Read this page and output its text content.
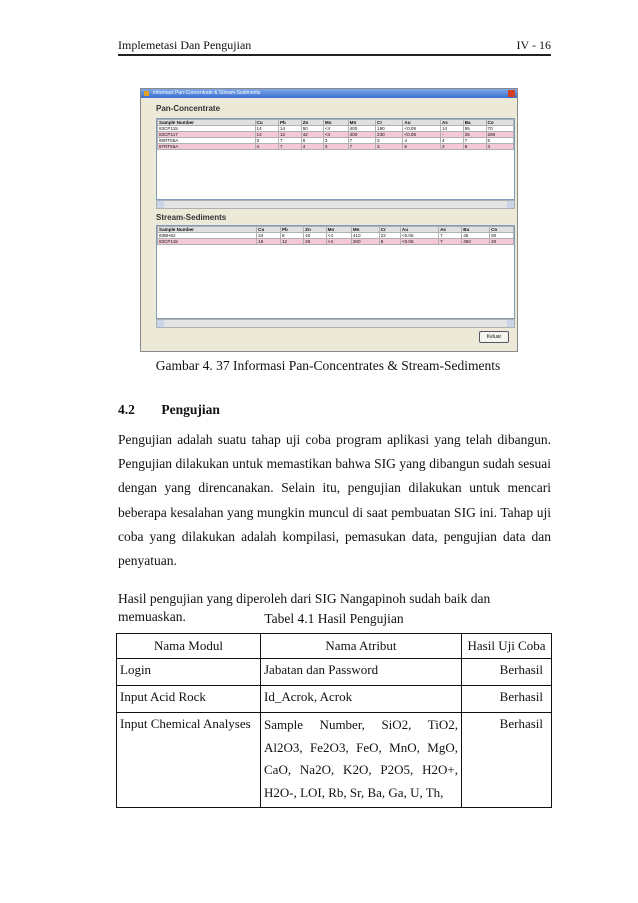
Implemetasi Dan Pengujian	IV - 16
Informasi Pan-Concentrate & Stream-Sediments
Pan-Concentrate
Sample Number	Cu	Pb	Zn	Mo	Mn	Cr	Au	As	Ba	Co
83CP115	14	14	50	<4	400	190	<0.05	14	65	70
83CP117	14	12	42	<4	400	230	<0.05	-	25	260
85RT56A	3	7	8	3	7	3	4	4	7	5
87RT56A	4	7	4	3	7	3	6	3	8	3
Stream-Sediments
Sample Number	Cu	Pb	Zn	Mo	Mn	Cr	Au	As	Ba	Co
83BH62	34	8	40	<4	410	22	<0.05	7	45	50
83CP115	16	12	26	<4	260	8	<0.05	7	450	40
Keluar
Gambar 4. 37 Informasi Pan-Concentrates & Stream-Sediments
4.2 Pengujian
Pengujian adalah suatu tahap uji coba program aplikasi yang telah dibangun. Pengujian dilakukan untuk memastikan bahwa SIG yang dibangun sudah sesuai dengan yang direncanakan. Selain itu, pengujian dilakukan untuk mencari beberapa kesalahan yang mungkin muncul di saat pembuatan SIG ini. Tahap uji coba yang dilakukan adalah kompilasi, pemasukan data, pengujian data dan penyatuan.
Hasil pengujian yang diperoleh dari SIG Nangapinoh sudah baik dan memuaskan.	Tabel 4.1 Hasil Pengujian
Nama Modul	Nama Atribut	Hasil Uji Coba
Login	Jabatan dan Password	Berhasil
Input Acid Rock	Id_Acrok, Acrok	Berhasil
Input Chemical Analyses	Sample Number, SiO2, TiO2, Al2O3, Fe2O3, FeO, MnO, MgO, CaO, Na2O, K2O, P2O5, H2O+, H2O-, LOI, Rb, Sr, Ba, Ga, U, Th,	Berhasil
